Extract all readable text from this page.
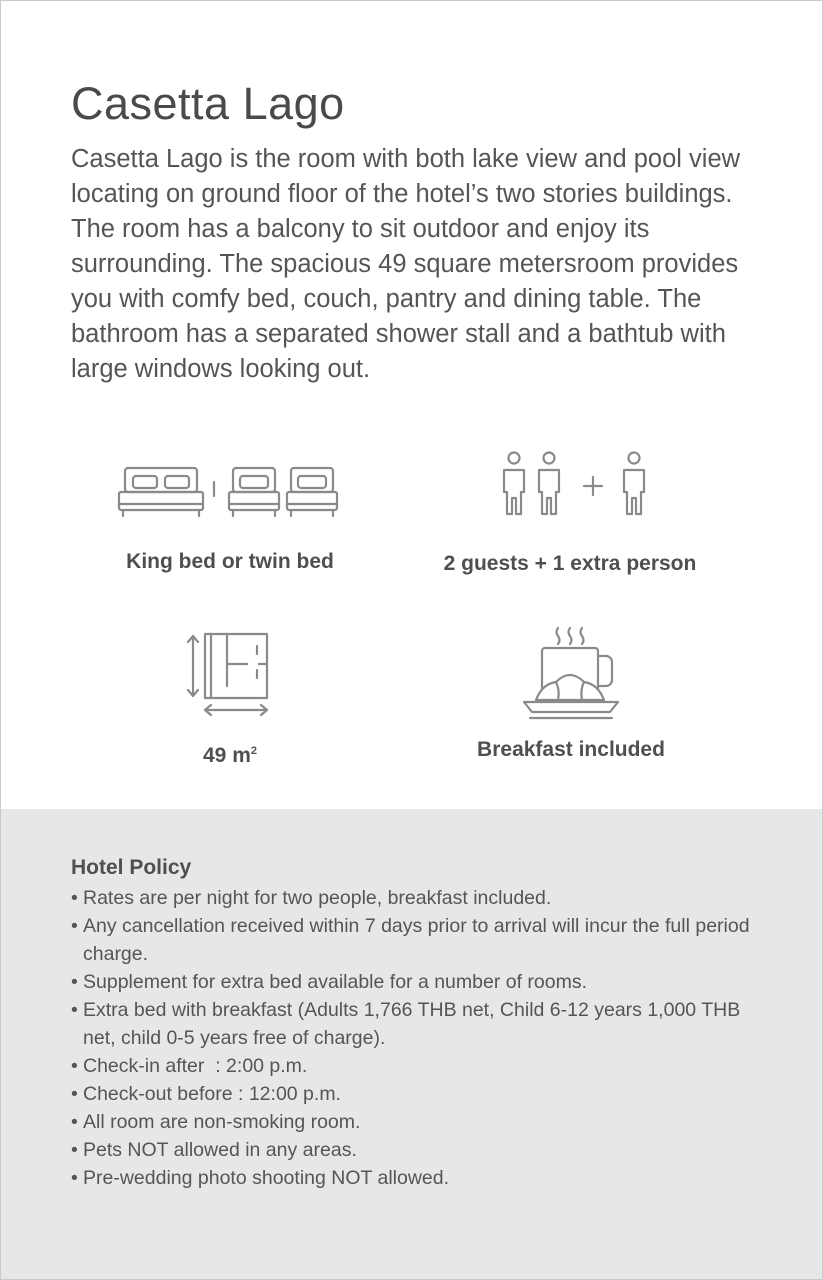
Casetta Lago

Casetta Lago is the room with both lake view and pool view locating on ground floor of the hotel’s two stories buildings. The room has a balcony to sit outdoor and enjoy its surrounding. The spacious 49 square metersroom provides you with comfy bed, couch, pantry and dining table. The bathroom has a separated shower stall and a bathtub with large windows looking out.

King bed or twin bed	2 guests + 1 extra person
49 $m^2$	Breakfast included
Hotel Policy
• Rates are per night for two people, breakfast included.
• Any cancellation received within 7 days prior to arrival will incur the full period charge.
• Supplement for extra bed available for a number of rooms.
• Extra bed with breakfast (Adults 1,766 THB net, Child 6-12 years 1,000 THB net, child 0-5 years free of charge).
• Check-in after  : 2:00 p.m.
• Check-out before : 12:00 p.m.
• All room are non-smoking room.
• Pets NOT allowed in any areas.
• Pre-wedding photo shooting NOT allowed.
